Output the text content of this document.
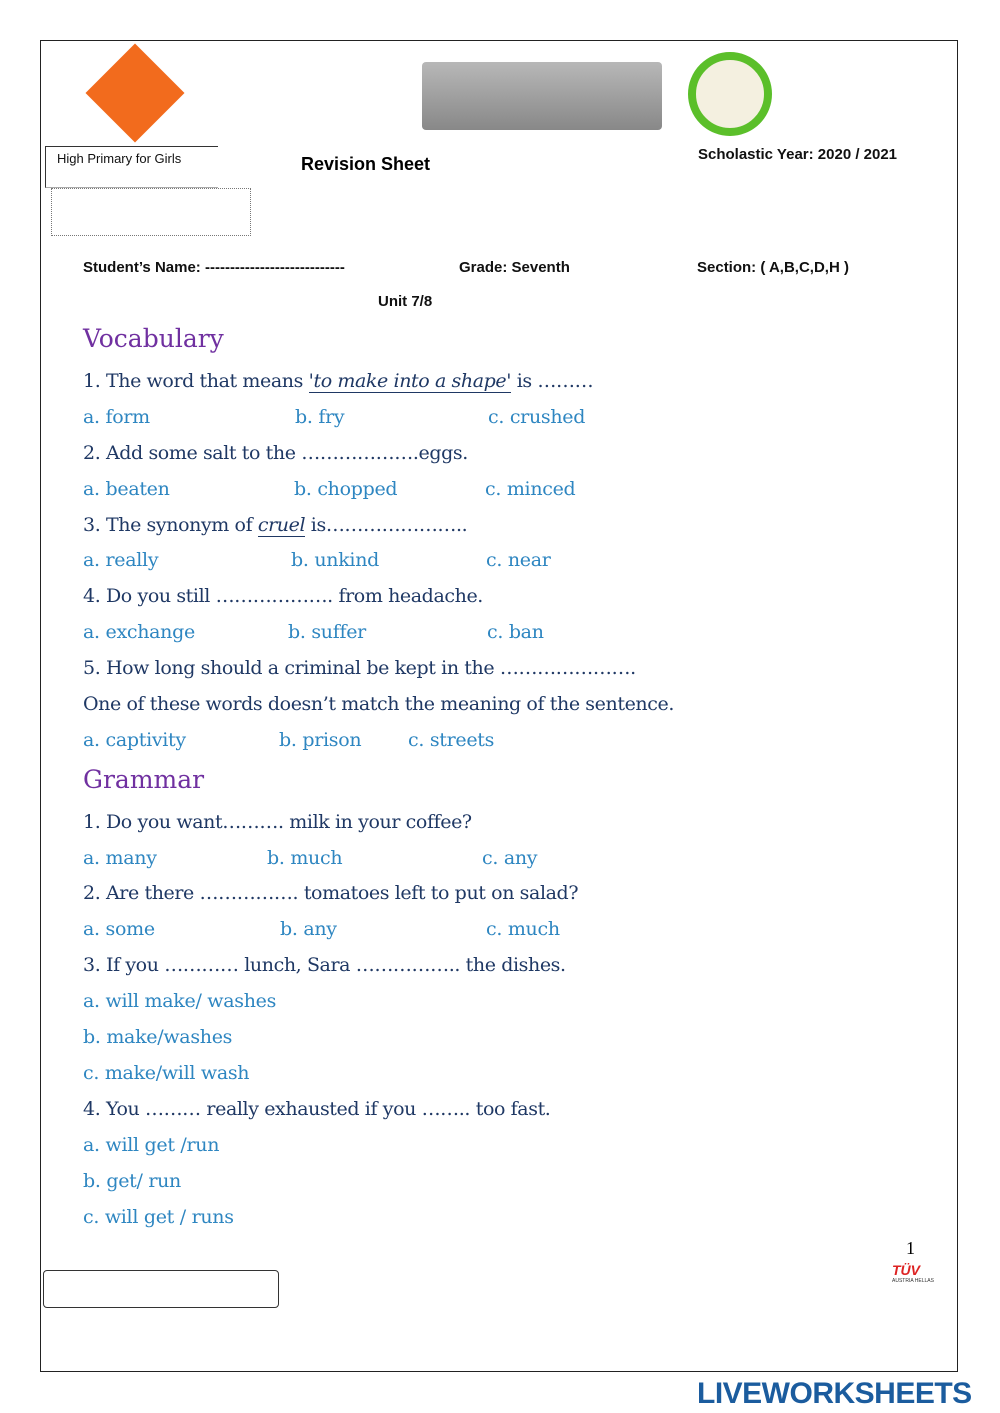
High Primary for Girls	Revision Sheet	Scholastic Year: 2020 / 2021
Student’s Name: ----------------------------	Grade: Seventh	Section: ( A,B,C,D,H )
Unit 7/8
Vocabulary
1. The word that means 'to make into a shape' is ………
a. form	b. fry	c. crushed
2. Add some salt to the ……………….eggs.
a. beaten	b. chopped	c. minced
3. The synonym of cruel is…………………..
a. really	b. unkind	c. near
4. Do you still ………………. from headache.
a. exchange	b. suffer	c. ban
5. How long should a criminal be kept in the ………………….
One of these words doesn’t match the meaning of the sentence.
a. captivity	b. prison c. streets
Grammar
1. Do you want………. milk in your coffee?
a. many	b. much	c. any
2. Are there ……………. tomatoes left to put on salad?
a. some	b. any	c. much
3. If you ………… lunch, Sara …………….. the dishes.
a. will make/ washes
b. make/washes
c. make/will wash
4. You ……… really exhausted if you …….. too fast.
a. will get /run
b. get/ run
c. will get / runs
1
TÜV
AUSTRIA HELLAS
LIVEWORKSHEETS
